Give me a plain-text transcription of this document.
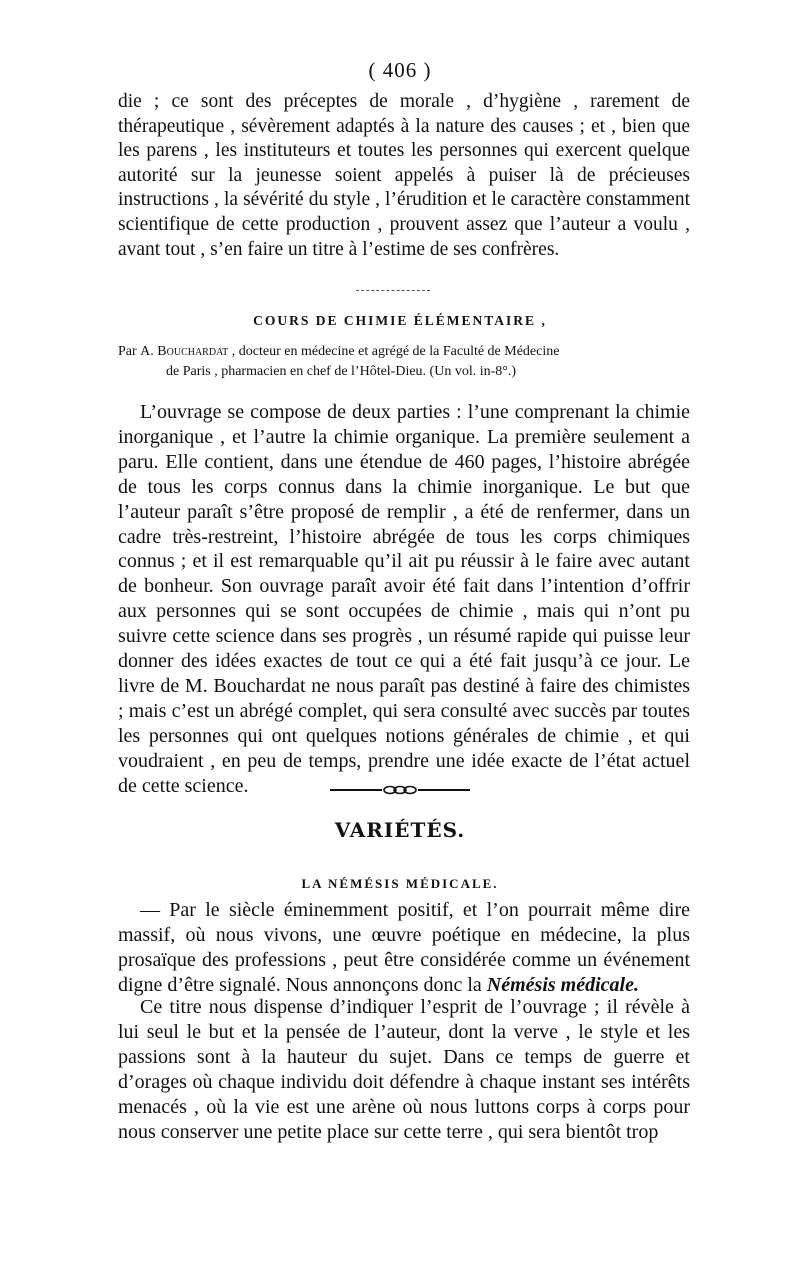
( 406 )

die ; ce sont des préceptes de morale , d’hygiène , rarement de thérapeutique , sévèrement adaptés à la nature des causes ; et , bien que les parens , les instituteurs et toutes les personnes qui exercent quelque autorité sur la jeunesse soient appelés à puiser là de précieuses instructions , la sévérité du style , l’érudition et le caractère constamment scientifique de cette production , prouvent assez que l’auteur a voulu , avant tout , s’en faire un titre à l’estime de ses confrères.

COURS DE CHIMIE ÉLÉMENTAIRE ,

Par A. Bouchardat , docteur en médecine et agrégé de la Faculté de Médecine
de Paris , pharmacien en chef de l’Hôtel-Dieu. (Un vol. in-8°.)

L’ouvrage se compose de deux parties : l’une comprenant la chimie inorganique , et l’autre la chimie organique. La première seulement a paru. Elle contient, dans une étendue de 460 pages, l’histoire abrégée de tous les corps connus dans la chimie inorganique. Le but que l’auteur paraît s’être proposé de remplir , a été de renfermer, dans un cadre très-restreint, l’histoire abrégée de tous les corps chimiques connus ; et il est remarquable qu’il ait pu réussir à le faire avec autant de bonheur. Son ouvrage paraît avoir été fait dans l’intention d’offrir aux personnes qui se sont occupées de chimie , mais qui n’ont pu suivre cette science dans ses progrès , un résumé rapide qui puisse leur donner des idées exactes de tout ce qui a été fait jusqu’à ce jour. Le livre de M. Bouchardat ne nous paraît pas destiné à faire des chimistes ; mais c’est un abrégé complet, qui sera consulté avec succès par toutes les personnes qui ont quelques notions générales de chimie , et qui voudraient , en peu de temps, prendre une idée exacte de l’état actuel de cette science.

VARIÉTÉS.
LA NÉMÉSIS MÉDICALE.

— Par le siècle éminemment positif, et l’on pourrait même dire massif, où nous vivons, une œuvre poétique en médecine, la plus prosaïque des professions , peut être considérée comme un événement digne d’être signalé. Nous annonçons donc la Némésis médicale.

Ce titre nous dispense d’indiquer l’esprit de l’ouvrage ; il révèle à lui seul le but et la pensée de l’auteur, dont la verve , le style et les passions sont à la hauteur du sujet. Dans ce temps de guerre et d’orages où chaque individu doit défendre à chaque instant ses intérêts menacés , où la vie est une arène où nous luttons corps à corps pour nous conserver une petite place sur cette terre , qui sera bientôt trop
